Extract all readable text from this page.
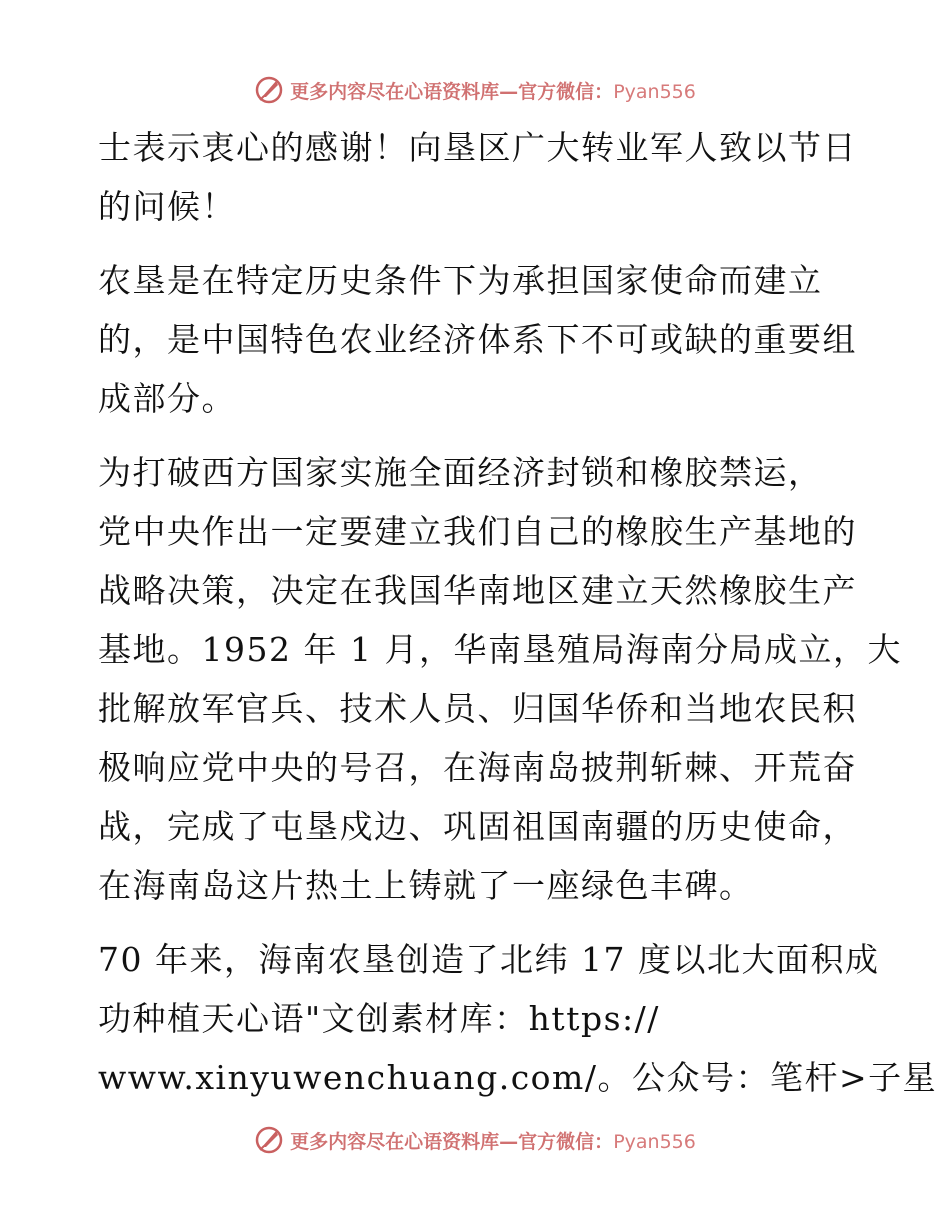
更多内容尽在心语资料库—官方微信：Pyan556

士表示衷心的感谢！向垦区广大转业军人致以节日
的问候！

农垦是在特定历史条件下为承担国家使命而建立
的，是中国特色农业经济体系下不可或缺的重要组
成部分。

为打破西方国家实施全面经济封锁和橡胶禁运，
党中央作出一定要建立我们自己的橡胶生产基地的
战略决策，决定在我国华南地区建立天然橡胶生产
基地。1952 年 1 月，华南垦殖局海南分局成立，大
批解放军官兵、技术人员、归国华侨和当地农民积
极响应党中央的号召，在海南岛披荆斩棘、开荒奋
战，完成了屯垦戍边、巩固祖国南疆的历史使命，
在海南岛这片热土上铸就了一座绿色丰碑。

70 年来，海南农垦创造了北纬 17 度以北大面积成
功种植天心语"文创素材库：https://
www.xinyuwenchuang.com/。公众号：笔杆>子星

更多内容尽在心语资料库—官方微信：Pyan556
